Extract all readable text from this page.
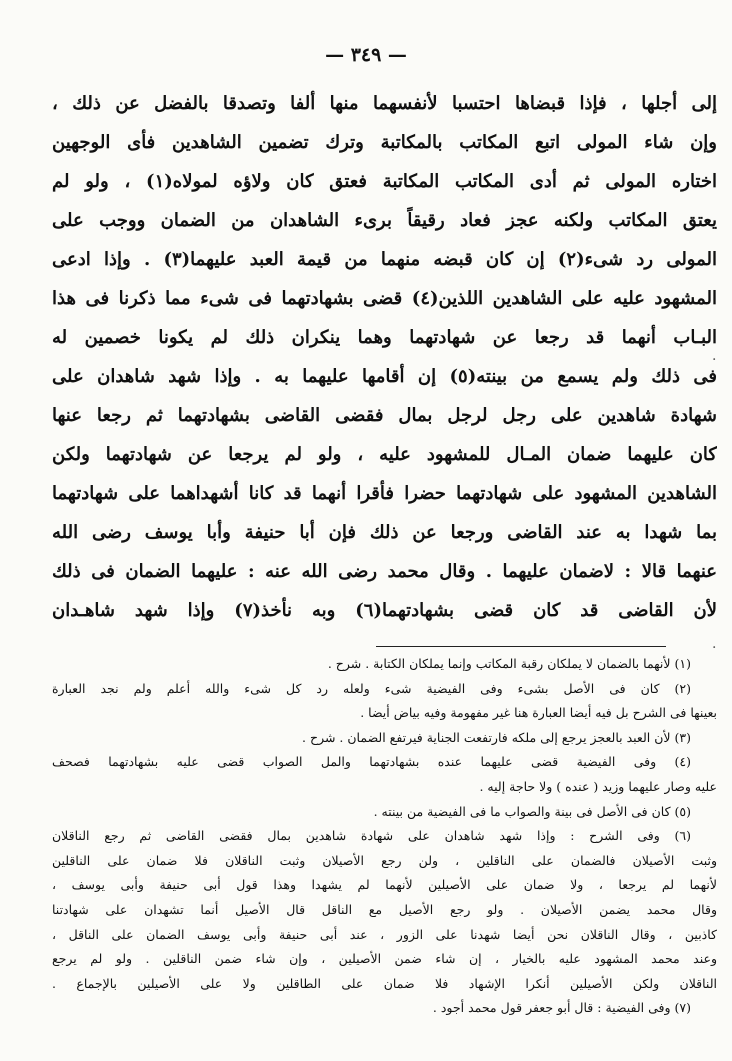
— ٣٤٩ —
إلى أجلها ، فإذا قبضاها احتسبا لأنفسهما منها ألفا وتصدقا بالفضل عن ذلك ،
وإن شاء المولى اتبع المكاتب بالمكاتبة وترك تضمين الشاهدين فأى الوجهين
اختاره المولى ثم أدى المكاتب المكاتبة فعتق كان ولاؤه لمولاه(١) ، ولو لم
يعتق المكاتب ولكنه عجز فعاد رقيقاً برىء الشاهدان من الضمان ووجب على
المولى رد شىء(٢) إن كان قبضه منهما من قيمة العبد عليهما(٣) . وإذا ادعى
المشهود عليه على الشاهدين اللذين(٤) قضى بشهادتهما فى شىء مما ذكرنا فى هذا
البـاب أنهما قد رجعا عن شهادتهما وهما ينكران ذلك لم يكونا خصمين له
فى ذلك ولم يسمع من بينته(٥) إن أقامها عليهما به . وإذا شهد شاهدان على
شهادة شاهدين على رجل لرجل بمال فقضى القاضى بشهادتهما ثم رجعا عنها
كان عليهما ضمان المـال للمشهود عليه ، ولو لم يرجعا عن شهادتهما ولكن
الشاهدين المشهود على شهادتهما حضرا فأقرا أنهما قد كانا أشهداهما على شهادتهما
بما شهدا به عند القاضى ورجعا عن ذلك فإن أبا حنيفة وأبا يوسف رضى الله
عنهما قالا : لاضمان عليهما . وقال محمد رضى الله عنه : عليهما الضمان فى ذلك
لأن القاضى قد كان قضى بشهادتهما(٦) وبه نأخذ(٧) وإذا شهد شاهـدان
(١) لأنهما بالضمان لا يملكان رقبة المكاتب وإنما يملكان الكتابة . شرح .
(٢) كان فى الأصل بشىء وفى الفيضية شىء ولعله رد كل شىء والله أعلم ولم نجد العبارة
بعينها فى الشرح بل فيه أيضا العبارة هنا غير مفهومة وفيه بياض أيضا .
(٣) لأن العبد بالعجز يرجع إلى ملكه فارتفعت الجناية فيرتفع الضمان . شرح .
(٤) وفى الفيضية قضى عليهما عنده بشهادتهما والمل الصواب قضى عليه بشهادتهما فصحف
عليه وصار عليهما وزيد ( عنده ) ولا حاجة إليه .
(٥) كان فى الأصل فى بينة والصواب ما فى الفيضية من بينته .
(٦) وفى الشرح : وإذا شهد شاهدان على شهادة شاهدين بمال فقضى القاضى ثم رجع الناقلان
وثبت الأصيلان فالضمان على الناقلين ، ولن رجع الأصيلان وثبت الناقلان فلا ضمان على الناقلين
لأنهما لم يرجعا ، ولا ضمان على الأصيلين لأنهما لم يشهدا وهذا قول أبى حنيفة وأبى يوسف ،
وقال محمد يضمن الأصيلان . ولو رجع الأصيل مع الناقل قال الأصيل أنما تشهدان على شهادتنا
كاذبين ، وقال الناقلان نحن أيضا شهدنا على الزور ، عند أبى حنيفة وأبى يوسف الضمان على الناقل ،
وعند محمد المشهود عليه بالخيار ، إن شاء ضمن الأصيلين ، وإن شاء ضمن الناقلين . ولو لم يرجع
الناقلان ولكن الأصيلين أنكرا الإشهاد فلا ضمان على الطاقلين ولا على الأصيلين بالإجماع .
(٧) وفى الفيضية : قال أبو جعفر قول محمد أجود .
·
·
